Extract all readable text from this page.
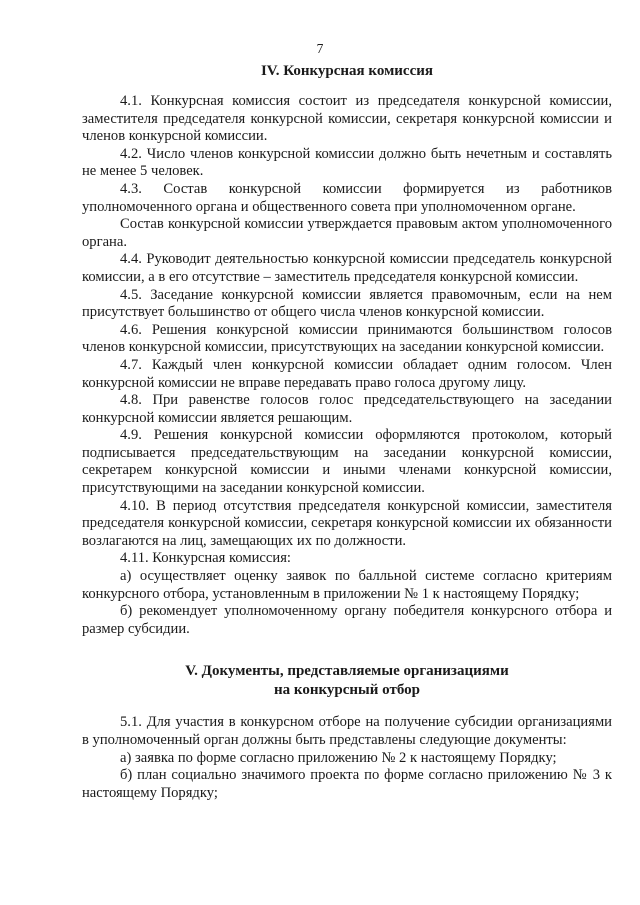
7
IV. Конкурсная комиссия

4.1. Конкурсная комиссия состоит из председателя конкурсной комиссии, заместителя председателя конкурсной комиссии, секретаря конкурсной комиссии и членов конкурсной комиссии.

4.2. Число членов конкурсной комиссии должно быть нечетным и составлять не менее 5 человек.

4.3. Состав конкурсной комиссии формируется из работников уполномоченного органа и общественного совета при уполномоченном органе.

Состав конкурсной комиссии утверждается правовым актом уполномоченного органа.

4.4. Руководит деятельностью конкурсной комиссии председатель конкурсной комиссии, а в его отсутствие – заместитель председателя конкурсной комиссии.

4.5. Заседание конкурсной комиссии является правомочным, если на нем присутствует большинство от общего числа членов конкурсной комиссии.

4.6. Решения конкурсной комиссии принимаются большинством голосов членов конкурсной комиссии, присутствующих на заседании конкурсной комиссии.

4.7. Каждый член конкурсной комиссии обладает одним голосом. Член конкурсной комиссии не вправе передавать право голоса другому лицу.

4.8. При равенстве голосов голос председательствующего на заседании конкурсной комиссии является решающим.

4.9. Решения конкурсной комиссии оформляются протоколом, который подписывается председательствующим на заседании конкурсной комиссии, секретарем конкурсной комиссии и иными членами конкурсной комиссии, присутствующими на заседании конкурсной комиссии.

4.10. В период отсутствия председателя конкурсной комиссии, заместителя председателя конкурсной комиссии, секретаря конкурсной комиссии их обязанности возлагаются на лиц, замещающих их по должности.

4.11. Конкурсная комиссия:

а) осуществляет оценку заявок по балльной системе согласно критериям конкурсного отбора, установленным в приложении № 1 к настоящему Порядку;

б) рекомендует уполномоченному органу победителя конкурсного отбора и размер субсидии.

V. Документы, представляемые организациями
на конкурсный отбор

5.1. Для участия в конкурсном отборе на получение субсидии организациями в уполномоченный орган должны быть представлены следующие документы:

а) заявка по форме согласно приложению № 2 к настоящему Порядку;

б) план социально значимого проекта по форме согласно приложению № 3 к настоящему Порядку;
